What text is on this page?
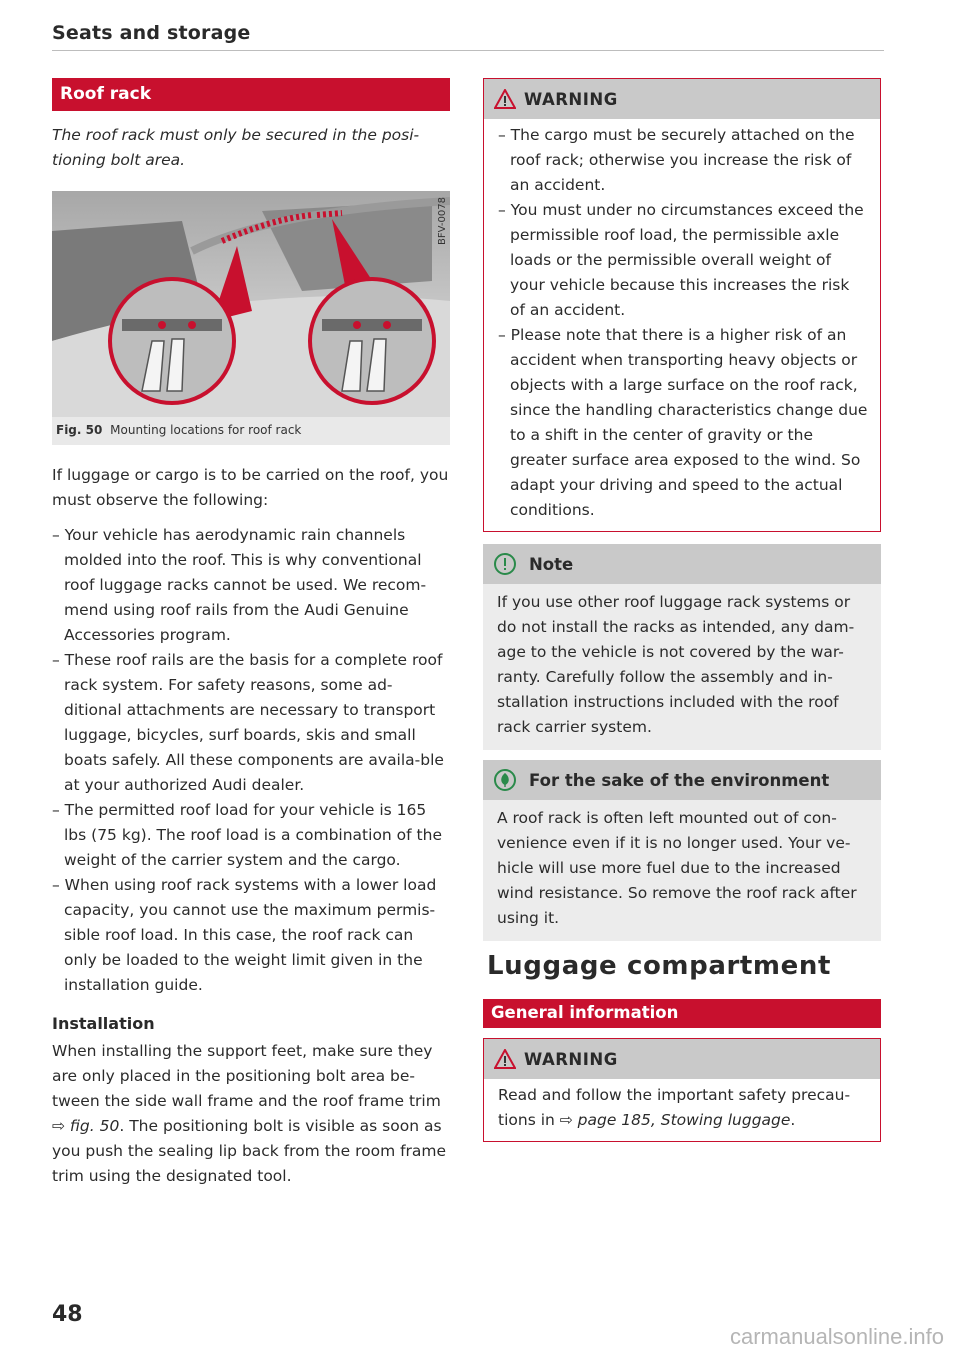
Seats and storage
Roof rack
The roof rack must only be secured in the posi-tioning bolt area.
BFV-0078
Fig. 50 Mounting locations for roof rack

If luggage or cargo is to be carried on the roof, you must observe the following:

– Your vehicle has aerodynamic rain channels molded into the roof. This is why conventional roof luggage racks cannot be used. We recom-mend using roof rails from the Audi Genuine Accessories program.
– These roof rails are the basis for a complete roof rack system. For safety reasons, some ad-ditional attachments are necessary to transport luggage, bicycles, surf boards, skis and small boats safely. All these components are availa-ble at your authorized Audi dealer.
– The permitted roof load for your vehicle is 165 lbs (75 kg). The roof load is a combination of the weight of the carrier system and the cargo.
– When using roof rack systems with a lower load capacity, you cannot use the maximum permis-sible roof load. In this case, the roof rack can only be loaded to the weight limit given in the installation guide.
Installation

When installing the support feet, make sure they are only placed in the positioning bolt area be-tween the side wall frame and the roof frame trim ⇨ fig. 50. The positioning bolt is visible as soon as you push the sealing lip back from the room frame trim using the designated tool.

WARNING
– The cargo must be securely attached on the roof rack; otherwise you increase the risk of an accident.
– You must under no circumstances exceed the permissible roof load, the permissible axle loads or the permissible overall weight of your vehicle because this increases the risk of an accident.
– Please note that there is a higher risk of an accident when transporting heavy objects or objects with a large surface on the roof rack, since the handling characteristics change due to a shift in the center of gravity or the greater surface area exposed to the wind. So adapt your driving and speed to the actual conditions.
Note

If you use other roof luggage rack systems or do not install the racks as intended, any dam-age to the vehicle is not covered by the war-ranty. Carefully follow the assembly and in-stallation instructions included with the roof rack carrier system.

For the sake of the environment

A roof rack is often left mounted out of con-venience even if it is no longer used. Your ve-hicle will use more fuel due to the increased wind resistance. So remove the roof rack after using it.

Luggage compartment
General information
WARNING

Read and follow the important safety precau-tions in ⇨ page 185, Stowing luggage.

48
carmanualsonline.info
